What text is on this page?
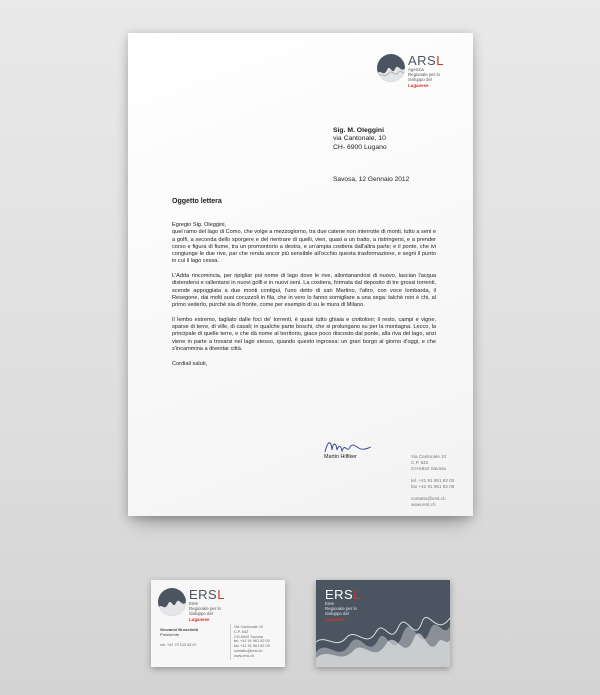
ARSL
Agenzia
Regionale per lo
Sviluppo del
Luganese
Sig. M. Oleggini
via Cantonale, 10
CH- 6900 Lugano
Savosa, 12 Gennaio 2012
Oggetto lettera
Egregio Sig. Oleggini,

quel ramo del lago di Como, che volge a mezzogiorno, tra due catene non interrotte di monti, tutto a seni e a golfi, a seconda dello sporgere e del rientrare di quelli, vien, quasi a un tratto, a ristringersi, e a prender corso e figura di fiume, tra un promontorio a destra, e un'ampia costiera dall'altra parte; e il ponte, che ivi congiunge le due rive, par che renda ancor più sensibile all'occhio questa trasformazione, e segni il punto in cui il lago cessa.

L'Adda rincomincia, per ripigliar poi nome di lago dove le rive, allontanandosi di nuovo, lascian l'acqua distendersi e rallentarsi in nuovi golfi e in nuovi seni. La costiera, formata dal deposito di tre grossi torrenti, scende appoggiata a due monti contigui, l'uno detto di san Martino, l'altro, con voce lombarda, il Resegone, dai molti suoi cocuzzoli in fila, che in vero lo fanno somigliare a una sega: talchè non è chi, al primo vederlo, purchè sia di fronte, come per esempio di su le mura di Milano.

Il lembo estremo, tagliato dalle foci de' torrenti, è quasi tutto ghiaia e ciottoloni; il resto, campi e vigne, sparse di terre, di ville, di casali; in qualche parte boschi, che si prolungano su per la montagna. Lecco, la principale di quelle terre, e che dà nome al territorio, giace poco discosto dal ponte, alla riva del lago, anzi viene in parte a trovarsi nel lago stesso, quando questo ingrossa: un gran borgo al giorno d'oggi, e che s'incammina a diventar città.

Cordiali saluti,

Martin Hilfiker	Via Cantonale 10
C.P. 642
CH-6942 Savosa
tel. +41 91 961 82 00
fax +41 91 961 82 09
contatto@ersl.ch
www.ersl.ch
ERSL
Ente
Regionale per lo
Sviluppo del
Luganese
Giovanni Bruschetti
Presidente
cel. +41 79 123 45 67
Via Cantonale 10
C.P. 642
CH-6942 Savosa
tel. +41 91 961 82 00
fax +41 91 961 82 09
contatto@ersl.ch
www.ersl.ch
ERSL
Ente
Regionale per lo
Sviluppo del
Luganese
